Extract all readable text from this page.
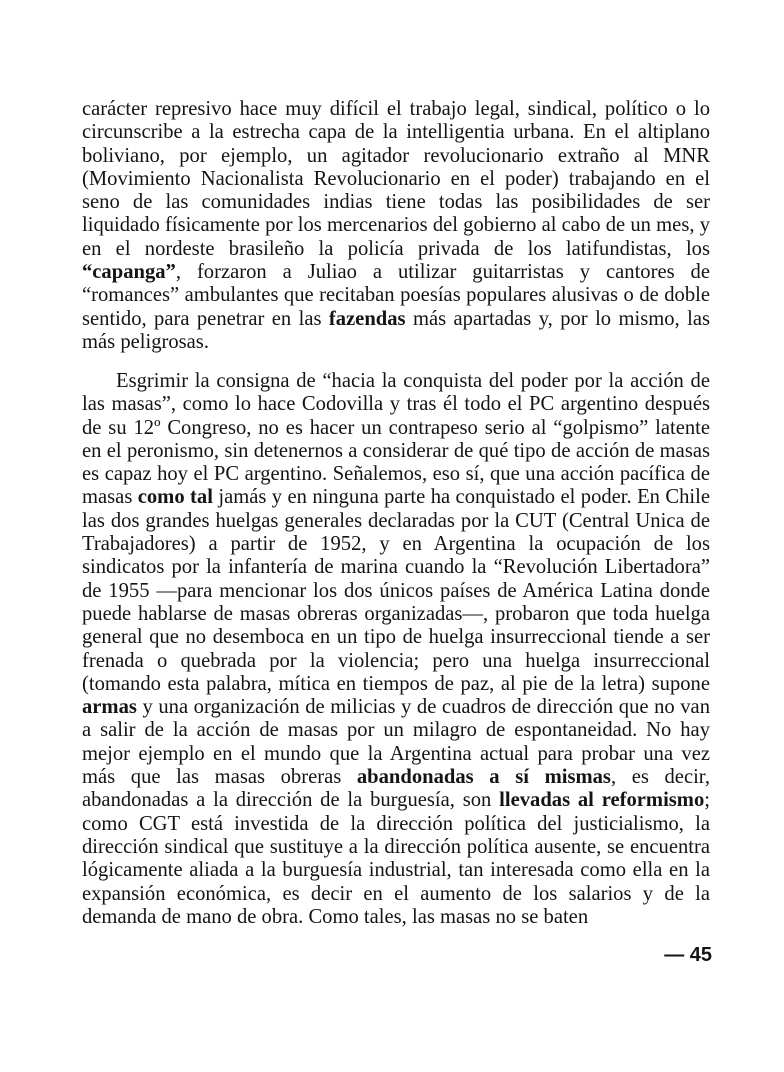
carácter represivo hace muy difícil el trabajo legal, sindical, político o lo circunscribe a la estrecha capa de la intelligentia urbana. En el altiplano boliviano, por ejemplo, un agitador revolucionario extraño al MNR (Movimiento Nacionalista Revolucionario en el poder) trabajando en el seno de las comunidades indias tiene todas las posibilidades de ser liquidado físicamente por los mercenarios del gobierno al cabo de un mes, y en el nordeste brasileño la policía privada de los latifundistas, los “capanga”, forzaron a Juliao a utilizar guitarristas y cantores de “romances” ambulantes que recitaban poesías populares alusivas o de doble sentido, para penetrar en las fazendas más apartadas y, por lo mismo, las más peligrosas.

Esgrimir la consigna de “hacia la conquista del poder por la acción de las masas”, como lo hace Codovilla y tras él todo el PC argentino después de su 12º Congreso, no es hacer un contrapeso serio al “golpismo” latente en el peronismo, sin detenernos a considerar de qué tipo de acción de masas es capaz hoy el PC argentino. Señalemos, eso sí, que una acción pacífica de masas como tal jamás y en ninguna parte ha conquistado el poder. En Chile las dos grandes huelgas generales declaradas por la CUT (Central Unica de Trabajadores) a partir de 1952, y en Argentina la ocupación de los sindicatos por la infantería de marina cuando la “Revolución Libertadora” de 1955 —para mencionar los dos únicos países de América Latina donde puede hablarse de masas obreras organizadas—, probaron que toda huelga general que no desemboca en un tipo de huelga insurreccional tiende a ser frenada o quebrada por la violencia; pero una huelga insurreccional (tomando esta palabra, mítica en tiempos de paz, al pie de la letra) supone armas y una organización de milicias y de cuadros de dirección que no van a salir de la acción de masas por un milagro de espontaneidad. No hay mejor ejemplo en el mundo que la Argentina actual para probar una vez más que las masas obreras abandonadas a sí mismas, es decir, abandonadas a la dirección de la burguesía, son llevadas al reformismo; como CGT está investida de la dirección política del justicialismo, la dirección sindical que sustituye a la dirección política ausente, se encuentra lógicamente aliada a la burguesía industrial, tan interesada como ella en la expansión económica, es decir en el aumento de los salarios y de la demanda de mano de obra. Como tales, las masas no se baten

— 45
